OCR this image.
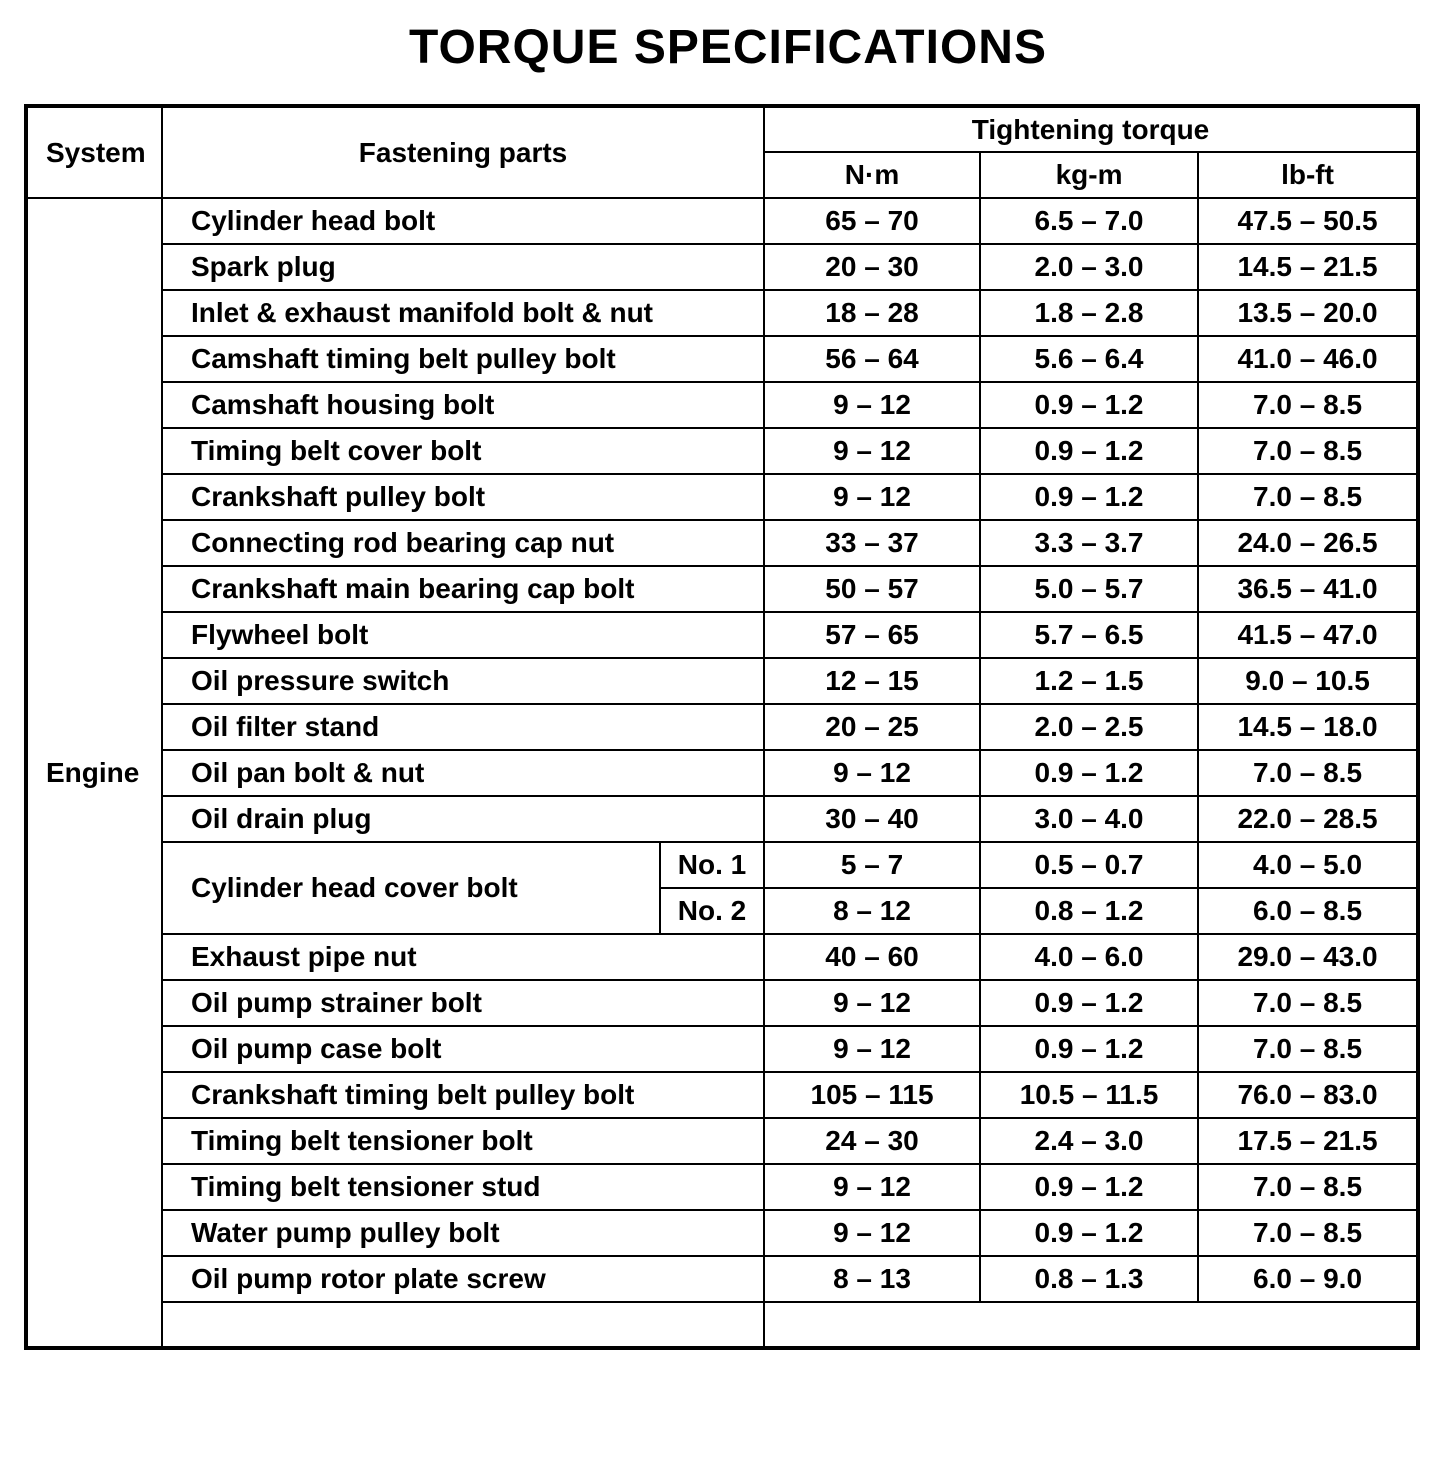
TORQUE SPECIFICATIONS
System	Fastening parts		Tightening torque		
			N·m	kg-m	lb-ft
Engine	Cylinder head bolt		65 – 70	6.5 – 7.0	47.5 – 50.5
	Spark plug		20 – 30	2.0 – 3.0	14.5 – 21.5
	Inlet & exhaust manifold bolt & nut		18 – 28	1.8 – 2.8	13.5 – 20.0
	Camshaft timing belt pulley bolt		56 – 64	5.6 – 6.4	41.0 – 46.0
	Camshaft housing bolt		9 – 12	0.9 – 1.2	7.0 – 8.5
	Timing belt cover bolt		9 – 12	0.9 – 1.2	7.0 – 8.5
	Crankshaft pulley bolt		9 – 12	0.9 – 1.2	7.0 – 8.5
	Connecting rod bearing cap nut		33 – 37	3.3 – 3.7	24.0 – 26.5
	Crankshaft main bearing cap bolt		50 – 57	5.0 – 5.7	36.5 – 41.0
	Flywheel bolt		57 – 65	5.7 – 6.5	41.5 – 47.0
	Oil pressure switch		12 – 15	1.2 – 1.5	9.0 – 10.5
	Oil filter stand		20 – 25	2.0 – 2.5	14.5 – 18.0
	Oil pan bolt & nut		9 – 12	0.9 – 1.2	7.0 – 8.5
	Oil drain plug		30 – 40	3.0 – 4.0	22.0 – 28.5
	Cylinder head cover bolt	No. 1	5 – 7	0.5 – 0.7	4.0 – 5.0
		No. 2	8 – 12	0.8 – 1.2	6.0 – 8.5
	Exhaust pipe nut		40 – 60	4.0 – 6.0	29.0 – 43.0
	Oil pump strainer bolt		9 – 12	0.9 – 1.2	7.0 – 8.5
	Oil pump case bolt		9 – 12	0.9 – 1.2	7.0 – 8.5
	Crankshaft timing belt pulley bolt		105 – 115	10.5 – 11.5	76.0 – 83.0
	Timing belt tensioner bolt		24 – 30	2.4 – 3.0	17.5 – 21.5
	Timing belt tensioner stud		9 – 12	0.9 – 1.2	7.0 – 8.5
	Water pump pulley bolt		9 – 12	0.9 – 1.2	7.0 – 8.5
	Oil pump rotor plate screw		8 – 13	0.8 – 1.3	6.0 – 9.0
